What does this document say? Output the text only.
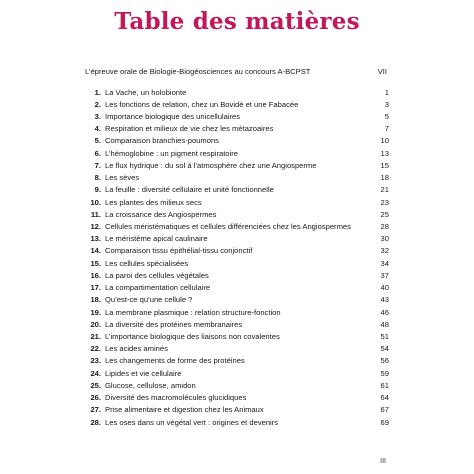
Table des matières
L’épreuve orale de Biologie-Biogéosciences au concours A-BCPST	VII
1. La Vache, un holobionte	1
2. Les fonctions de relation, chez un Bovidé et une Fabacée	3
3. Importance biologique des unicellulaires	5
4. Respiration et milieux de vie chez les métazoaires	7
5. Comparaison branchies-poumons	10
6. L’hémoglobine : un pigment respiratoire	13
7. Le flux hydrique : du sol à l’atmosphère chez une Angiosperme	15
8. Les sèves	18
9. La feuille : diversité cellulaire et unité fonctionnelle	21
10. Les plantes des milieux secs	23
11. La croissance des Angiospermes	25
12. Cellules méristématiques et cellules différenciées chez les Angiospermes	28
13. Le méristème apical caulinaire	30
14. Comparaison tissu épithélial-tissu conjonctif	32
15. Les cellules spécialisées	34
16. La paroi des cellules végétales	37
17. La compartimentation cellulaire	40
18. Qu’est-ce qu’une cellule ?	43
19. La membrane plasmique : relation structure-fonction	46
20. La diversité des protéines membranaires	48
21. L’importance biologique des liaisons non covalentes	51
22. Les acides aminés	54
23. Les changements de forme des protéines	56
24. Lipides et vie cellulaire	59
25. Glucose, cellulose, amidon	61
26. Diversité des macromolécules glucidiques	64
27. Prise alimentaire et digestion chez les Animaux	67
28. Les oses dans un végétal vert : origines et devenirs	69
III
